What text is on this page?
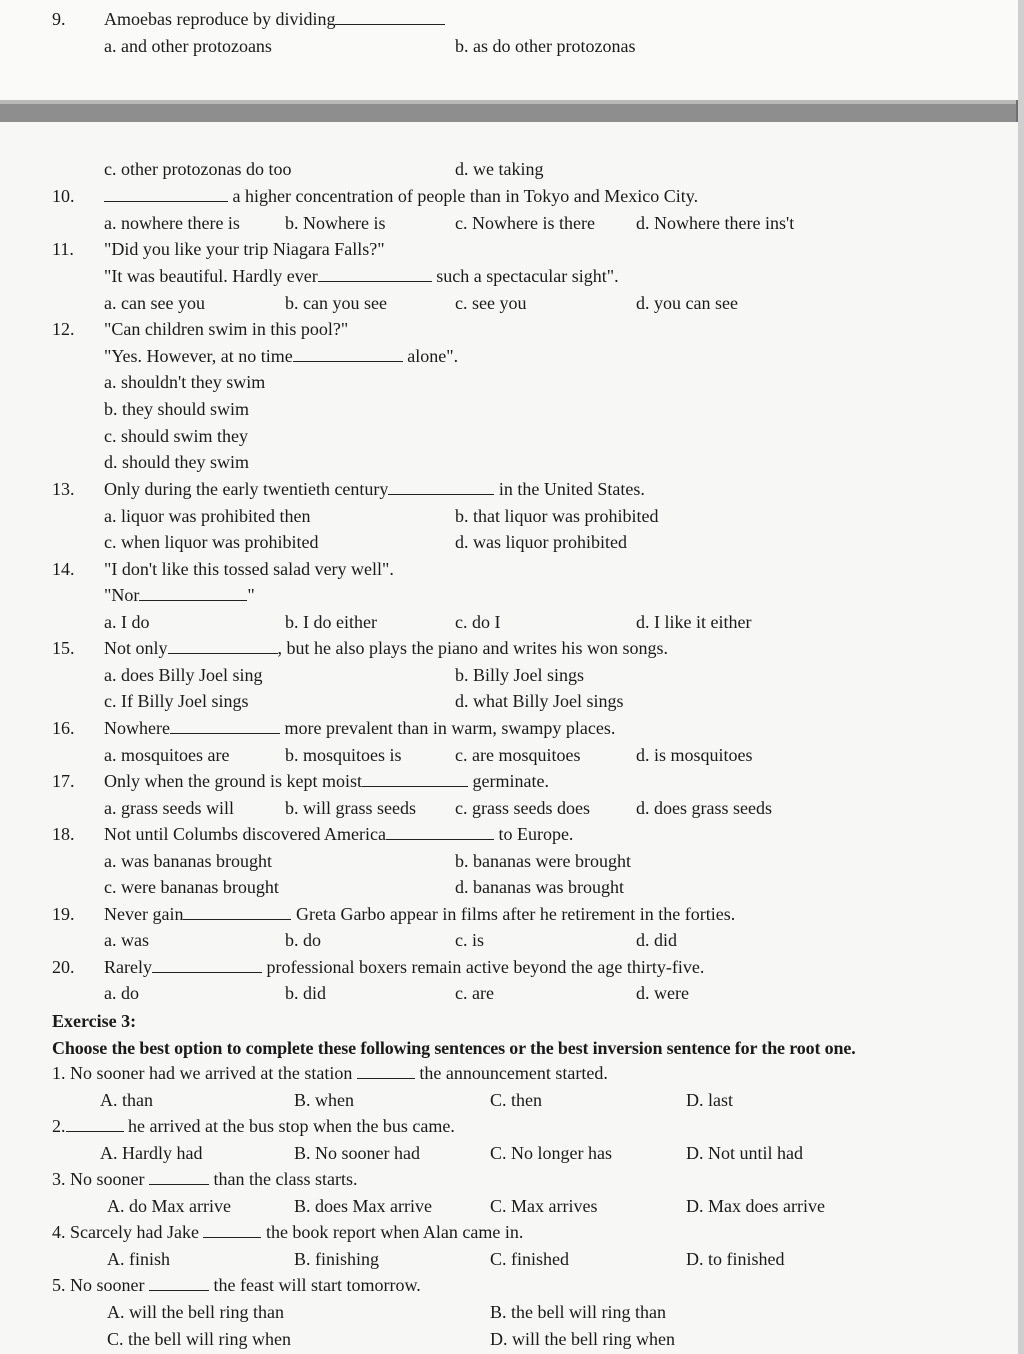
9. Amoebas reproduce by dividing
a. and other protozoans	b. as do other protozonas
c. other protozonas do too	d. we taking
10.	a higher concentration of people than in Tokyo and Mexico City.
a. nowhere there is	b. Nowhere is	c. Nowhere is there d. Nowhere there ins't
11. "Did you like your trip Niagara Falls?"
"It was beautiful. Hardly ever	such a spectacular sight".
a. can see you	b. can you see	c. see you	d. you can see
12. "Can children swim in this pool?"
"Yes. However, at no time	alone".
a. shouldn't they swim
b. they should swim
c. should swim they
d. should they swim
13. Only during the early twentieth century	in the United States.
a. liquor was prohibited then	b. that liquor was prohibited
c. when liquor was prohibited	d. was liquor prohibited
14. "I don't like this tossed salad very well".
"Nor	"
a. I do	b. I do either	c. do I	d. I like it either
15. Not only	, but he also plays the piano and writes his won songs.
a. does Billy Joel sing	b. Billy Joel sings
c. If Billy Joel sings	d. what Billy Joel sings
16. Nowhere	more prevalent than in warm, swampy places.
a. mosquitoes are	b. mosquitoes is	c. are mosquitoes	d. is mosquitoes
17. Only when the ground is kept moist	germinate.
a. grass seeds will	b. will grass seeds c. grass seeds does	d. does grass seeds
18. Not until Columbs discovered America	to Europe.
a. was bananas brought	b. bananas were brought
c. were bananas brought	d. bananas was brought
19. Never gain	Greta Garbo appear in films after he retirement in the forties.
a. was	b. do	c. is	d. did
20. Rarely	professional boxers remain active beyond the age thirty-five.
a. do	b. did	c. are	d. were
Exercise 3:
Choose the best option to complete these following sentences or the best inversion sentence for the root one.
1. No sooner had we arrived at the station	the announcement started.
A. than	B. when	C. then	D. last
2.	he arrived at the bus stop when the bus came.
A. Hardly had	B. No sooner had	C. No longer has	D. Not until had
3. No sooner	than the class starts.
A. do Max arrive	B. does Max arrive	C. Max arrives	D. Max does arrive
4. Scarcely had Jake	the book report when Alan came in.
A. finish	B. finishing	C. finished	D. to finished
5. No sooner	the feast will start tomorrow.
A. will the bell ring than	B. the bell will ring than
C. the bell will ring when	D. will the bell ring when
